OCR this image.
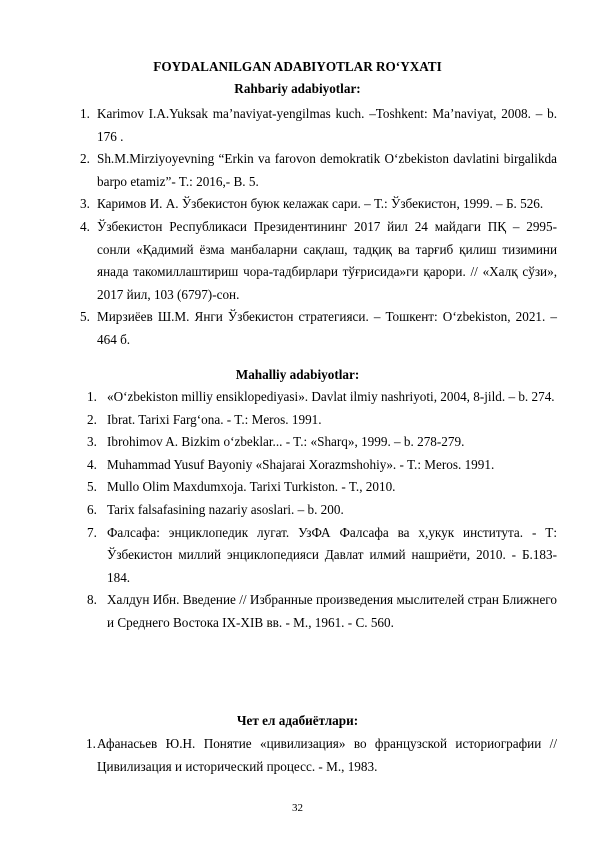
FOYDALANILGAN ADABIYOTLAR RO‘YXATI
Rahbariy adabiyotlar:
1. Karimov I.A.Yuksak ma’naviyat-yengilmas kuch. –Toshkent: Ma’naviyat, 2008. – b. 176 .
2. Sh.M.Mirziyoyevning “Erkin va farovon demokratik O‘zbekiston davlatini birgalikda barpo etamiz”- T.: 2016,- B. 5.
3. Каримов И. А. Ўзбекистон буюк келажак сари. – Т.: Ўзбекистон, 1999. – Б. 526.
4. Ўзбекистон Республикаси Президентининг 2017 йил 24 майдаги ПҚ – 2995-сонли «Қадимий ёзма манбаларни сақлаш, тадқиқ ва тарғиб қилиш тизимини янада такомиллаштириш чора-тадбирлари тўғрисида»ги қарори. // «Халқ сўзи», 2017 йил, 103 (6797)-сон.
5. Мирзиёев Ш.М. Янги Ўзбекистон стратегияси. – Тошкент: O‘zbekiston, 2021. – 464 б.
Mahalliy adabiyotlar:
1. «O‘zbekiston milliy ensiklopediyasi». Davlat ilmiy nashriyoti, 2004, 8-jild. – b. 274.
2. Ibrat. Tarixi Farg‘ona. - T.: Meros. 1991.
3. Ibrohimov A. Bizkim o‘zbeklar... - T.: «Sharq», 1999. – b. 278-279.
4. Muhammad Yusuf Bayoniy «Shajarai Xorazmshohiy». - T.: Meros. 1991.
5. Mullo Olim Maxdumxoja. Tarixi Turkiston. - T., 2010.
6. Tarix falsafasining nazariy asoslari. – b. 200.
7. Фалсафа: энциклопедик лугат. УзФА Фалсафа ва х,укук института. - Т: Ўзбекистон миллий энциклопедияси Давлат илмий нашриёти, 2010. - Б.183-184.
8. Халдун Ибн. Введение // Избранные произведения мыслителей стран Ближнего и Среднего Востока IX-XIВ вв. - М., 1961. - С. 560.
Чет ел адабиётлари:
1. Афанасьев Ю.Н. Понятие «цивилизация» во французской историографии // Цивилизация и исторический процесс. - М., 1983.
32
